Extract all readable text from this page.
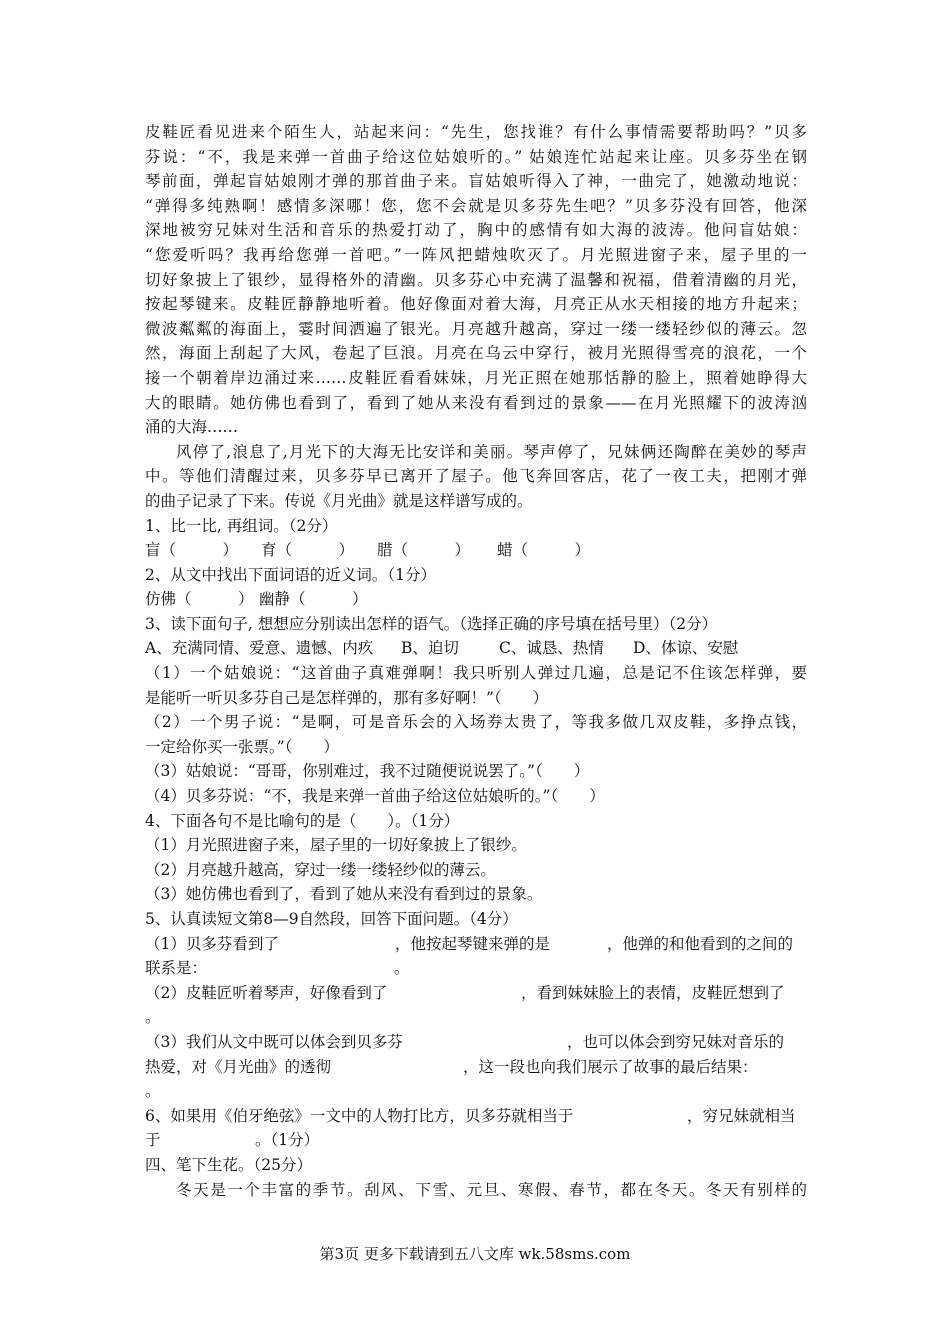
皮鞋匠看见进来个陌生人，站起来问：“先生，您找谁？有什么事情需要帮助吗？”贝多
芬说：“不，我是来弹一首曲子给这位姑娘听的。” 姑娘连忙站起来让座。贝多芬坐在钢
琴前面，弹起盲姑娘刚才弹的那首曲子来。盲姑娘听得入了神，一曲完了，她激动地说：
“弹得多纯熟啊！感情多深哪！您，您不会就是贝多芬先生吧？”贝多芬没有回答，他深
深地被穷兄妹对生活和音乐的热爱打动了，胸中的感情有如大海的波涛。他问盲姑娘：
“您爱听吗？我再给您弹一首吧。”一阵风把蜡烛吹灭了。月光照进窗子来，屋子里的一
切好象披上了银纱，显得格外的清幽。贝多芬心中充满了温馨和祝福，借着清幽的月光，
按起琴键来。皮鞋匠静静地听着。他好像面对着大海，月亮正从水天相接的地方升起来；
微波粼粼的海面上，霎时间洒遍了银光。月亮越升越高，穿过一缕一缕轻纱似的薄云。忽
然，海面上刮起了大风，卷起了巨浪。月亮在乌云中穿行，被月光照得雪亮的浪花，一个
接一个朝着岸边涌过来……皮鞋匠看看妹妹，月光正照在她那恬静的脸上，照着她睁得大
大的眼睛。她仿佛也看到了，看到了她从来没有看到过的景象——在月光照耀下的波涛汹
涌的大海……
风停了,浪息了,月光下的大海无比安详和美丽。琴声停了，兄妹俩还陶醉在美妙的琴声
中。等他们清醒过来，贝多芬早已离开了屋子。他飞奔回客店，花了一夜工夫，把刚才弹
的曲子记录了下来。传说《月光曲》就是这样谱写成的。
1、比一比, 再组词。（2分）
盲（　　　） 育（　　　） 腊（　　　） 蜡（　　　）
2、从文中找出下面词语的近义词。（1分）
仿佛（　　　） 幽静（　　　）
3、读下面句子, 想想应分别读出怎样的语气。（选择正确的序号填在括号里）（2分）
A、充满同情、爱意、遗憾、内疚 B、迫切	C、诚恳、热情 D、体谅、安慰
（1）一个姑娘说：“这首曲子真难弹啊！我只听别人弹过几遍，总是记不住该怎样弹，要
是能听一听贝多芬自己是怎样弹的，那有多好啊！”（　　）
（2）一个男子说：“是啊，可是音乐会的入场券太贵了，等我多做几双皮鞋，多挣点钱，
一定给你买一张票。”（　　）
（3）姑娘说：“哥哥，你别难过，我不过随便说说罢了。”（　　）
（4）贝多芬说：“不，我是来弹一首曲子给这位姑娘听的。”（　　）
4、下面各句不是比喻句的是（　　）。（1分）
（1）月光照进窗子来，屋子里的一切好象披上了银纱。
（2）月亮越升越高，穿过一缕一缕轻纱似的薄云。
（3）她仿佛也看到了，看到了她从来没有看到过的景象。
5、认真读短文第8—9自然段，回答下面问题。（4分）
（1）贝多芬看到了	，他按起琴键来弹的是	，他弹的和他看到的之间的
联系是：	。
（2）皮鞋匠听着琴声，好像看到了	，看到妹妹脸上的表情，皮鞋匠想到了
。
（3）我们从文中既可以体会到贝多芬	，也可以体会到穷兄妹对音乐的
热爱，对《月光曲》的透彻	，这一段也向我们展示了故事的最后结果：
。
6、如果用《伯牙绝弦》一文中的人物打比方，贝多芬就相当于	，穷兄妹就相当
于	。（1分）
四、笔下生花。（25分）
冬天是一个丰富的季节。刮风、下雪、元旦、寒假、春节，都在冬天。冬天有别样的
第3页 更多下载请到五八文库 wk.58sms.com
